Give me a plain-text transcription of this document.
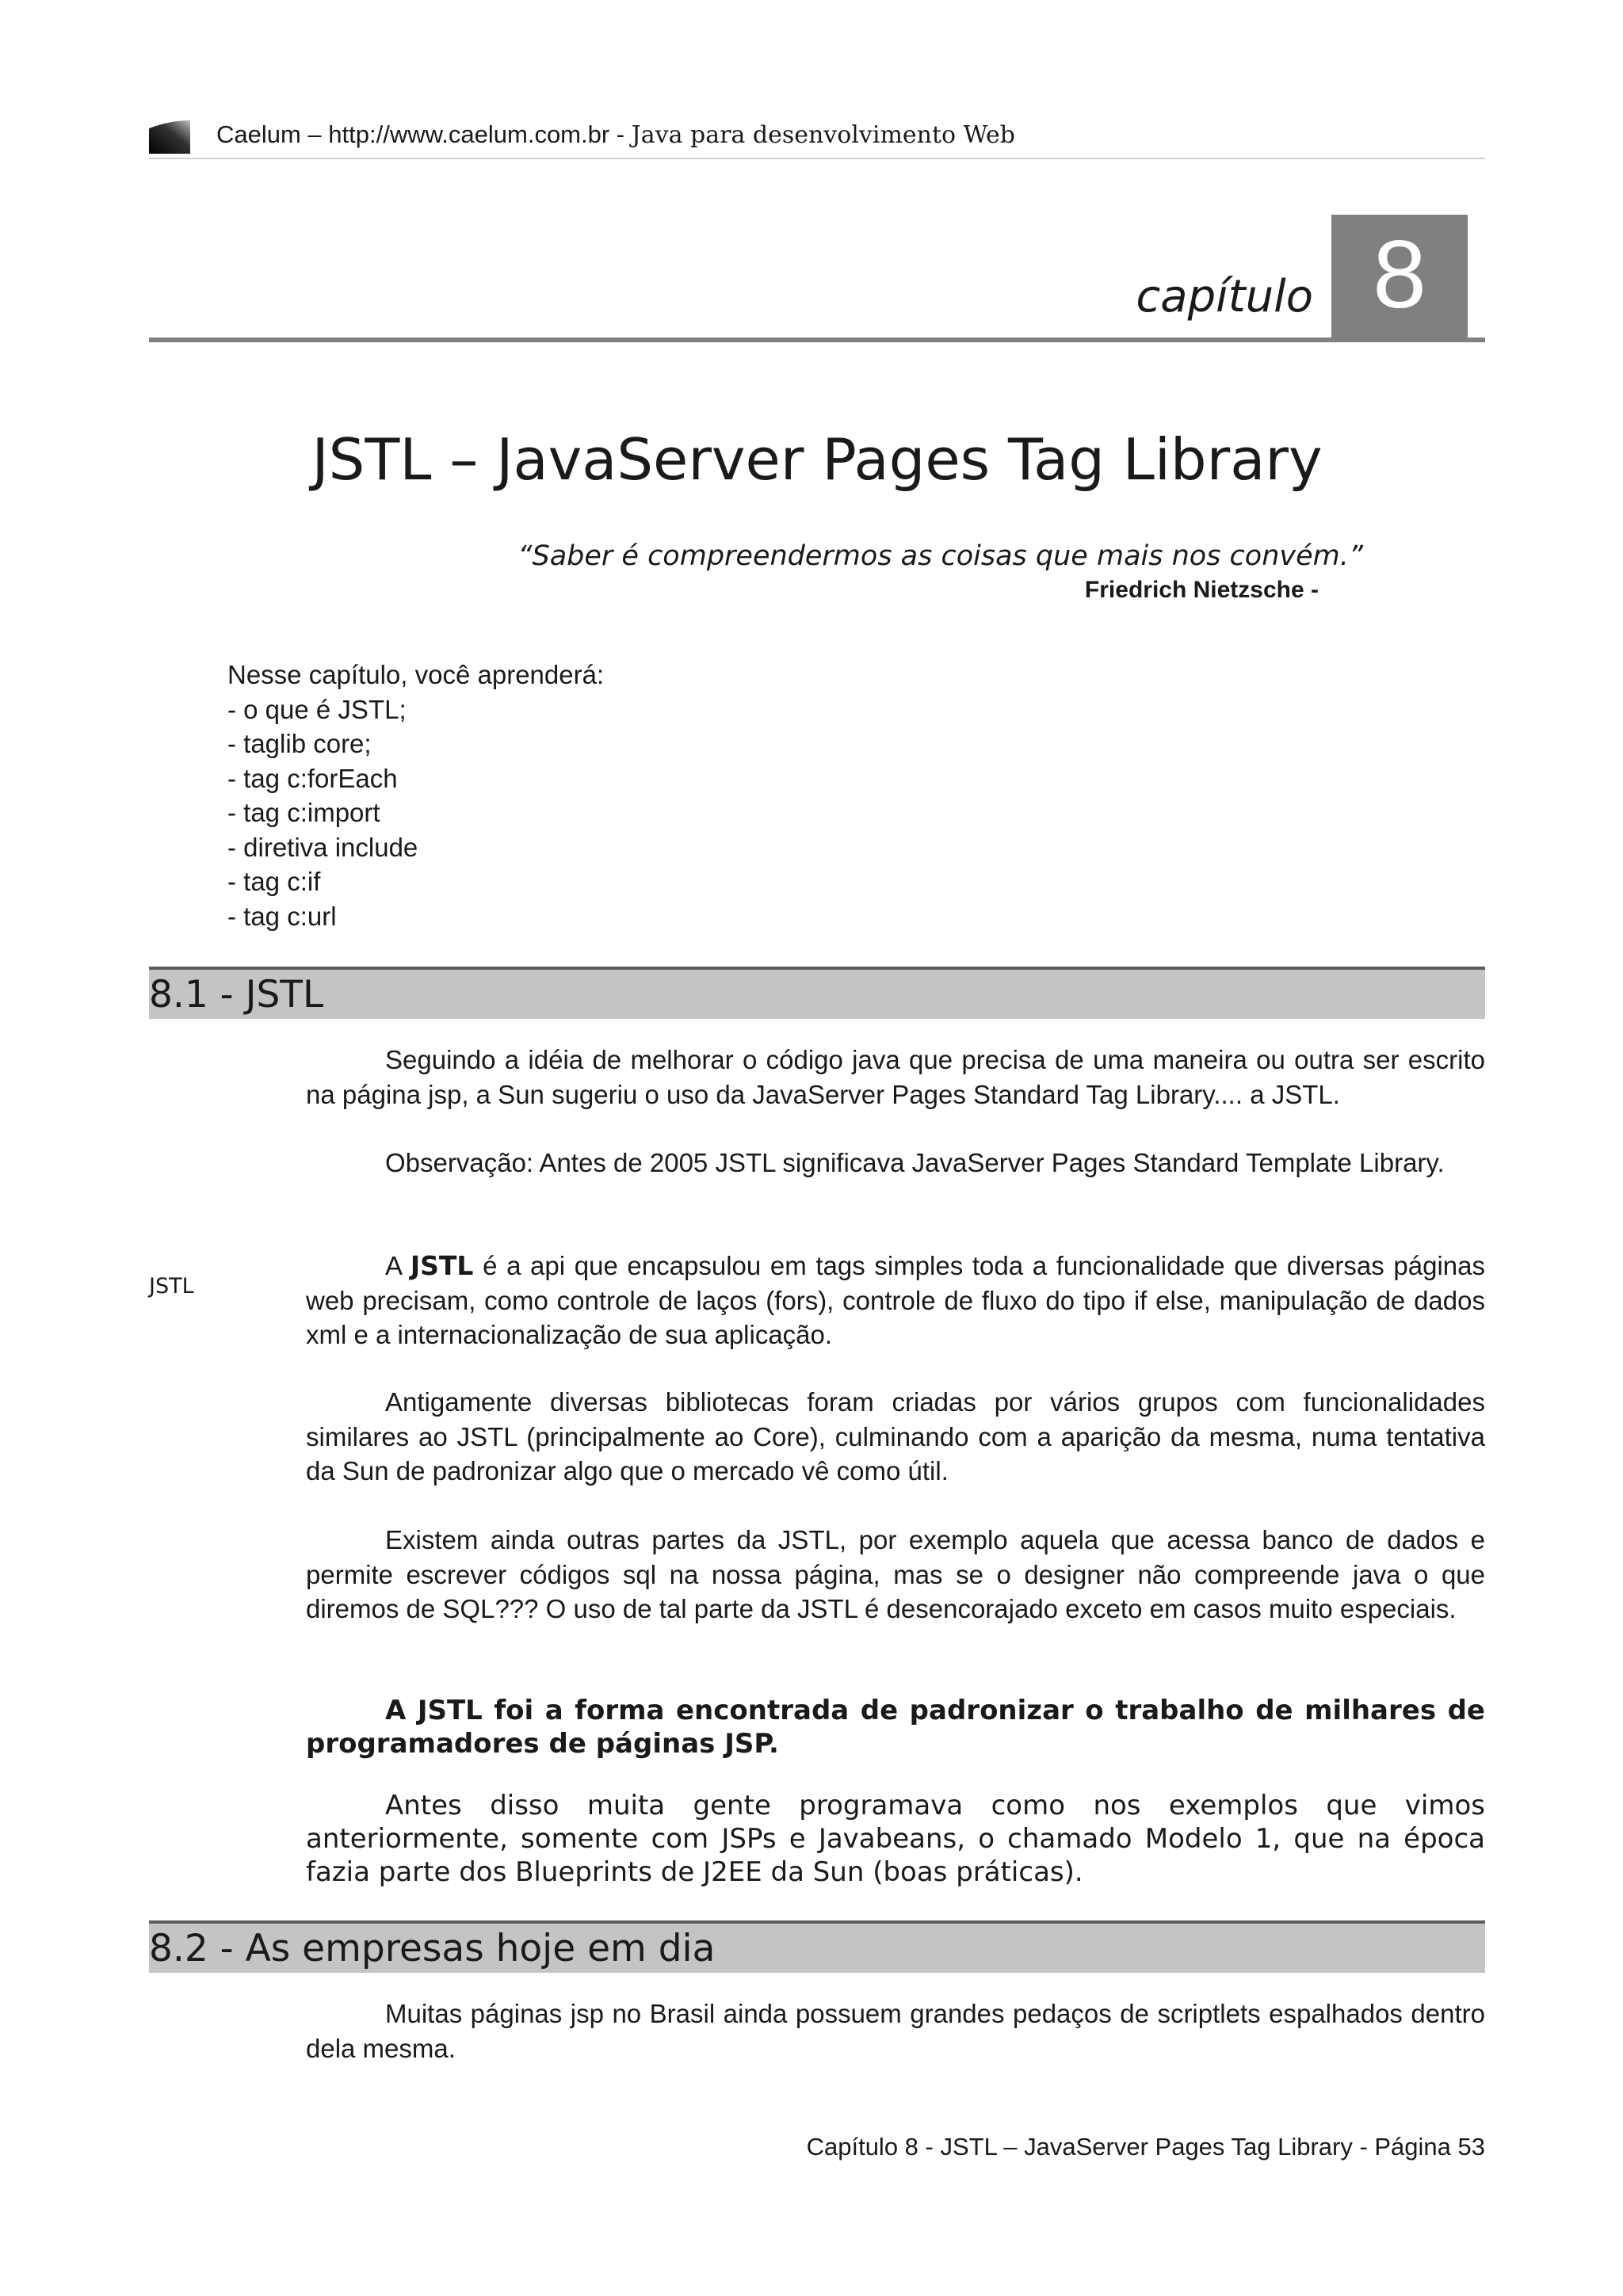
Caelum – http://www.caelum.com.br - Java para desenvolvimento Web
capítulo 8
JSTL – JavaServer Pages Tag Library
“Saber é compreendermos as coisas que mais nos convém.”
Friedrich Nietzsche -
Nesse capítulo, você aprenderá:
- o que é JSTL;
- taglib core;
- tag c:forEach
- tag c:import
- diretiva include
- tag c:if
- tag c:url
8.1 - JSTL
Seguindo a idéia de melhorar o código java que precisa de uma maneira ou outra ser escrito na página jsp, a Sun sugeriu o uso da JavaServer Pages Standard Tag Library.... a JSTL.
Observação: Antes de 2005 JSTL significava JavaServer Pages Standard Template Library.
JSTL
A JSTL é a api que encapsulou em tags simples toda a funcionalidade que diversas páginas web precisam, como controle de laços (fors), controle de fluxo do tipo if else, manipulação de dados xml e a internacionalização de sua aplicação.
Antigamente diversas bibliotecas foram criadas por vários grupos com funcionalidades similares ao JSTL (principalmente ao Core), culminando com a aparição da mesma, numa tentativa da Sun de padronizar algo que o mercado vê como útil.
Existem ainda outras partes da JSTL, por exemplo aquela que acessa banco de dados e permite escrever códigos sql na nossa página, mas se o designer não compreende java o que diremos de SQL??? O uso de tal parte da JSTL é desencorajado exceto em casos muito especiais.
A JSTL foi a forma encontrada de padronizar o trabalho de milhares de programadores de páginas JSP.
Antes disso muita gente programava como nos exemplos que vimos anteriormente, somente com JSPs e Javabeans, o chamado Modelo 1, que na época fazia parte dos Blueprints de J2EE da Sun (boas práticas).
8.2 - As empresas hoje em dia
Muitas páginas jsp no Brasil ainda possuem grandes pedaços de scriptlets espalhados dentro dela mesma.
Capítulo 8 - JSTL – JavaServer Pages Tag Library - Página 53
